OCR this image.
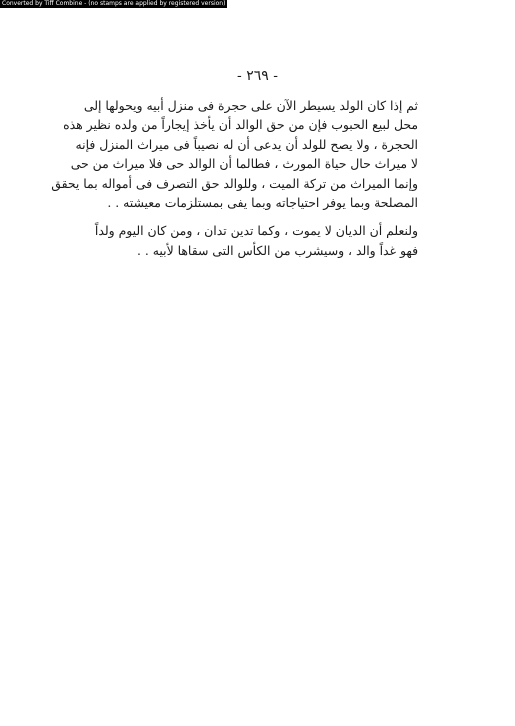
Converted by Tiff Combine - (no stamps are applied by registered version)
- ٢٦٩ -
ثم إذا كان الولد يسيطر الآن على حجرة فى منزل أبيه ويحولها إلى
محل لبيع الحبوب فإن من حق الوالد أن يأخذ إيجاراً من ولده نظير هذه
الحجرة ، ولا يصح للولد أن يدعى أن له نصيباً فى ميراث المنزل فإنه
لا ميراث حال حياة المورث ، فطالما أن الوالد حى فلا ميراث من حى
وإنما الميراث من تركة الميت ، وللوالد حق التصرف فى أمواله بما يحقق
المصلحة وبما يوفر احتياجاته وبما يفى بمستلزمات معيشته . .
ولنعلم أن الديان لا يموت ، وكما تدين تدان ، ومن كان اليوم ولداً
فهو غداً والد ، وسيشرب من الكأس التى سقاها لأبيه . .
